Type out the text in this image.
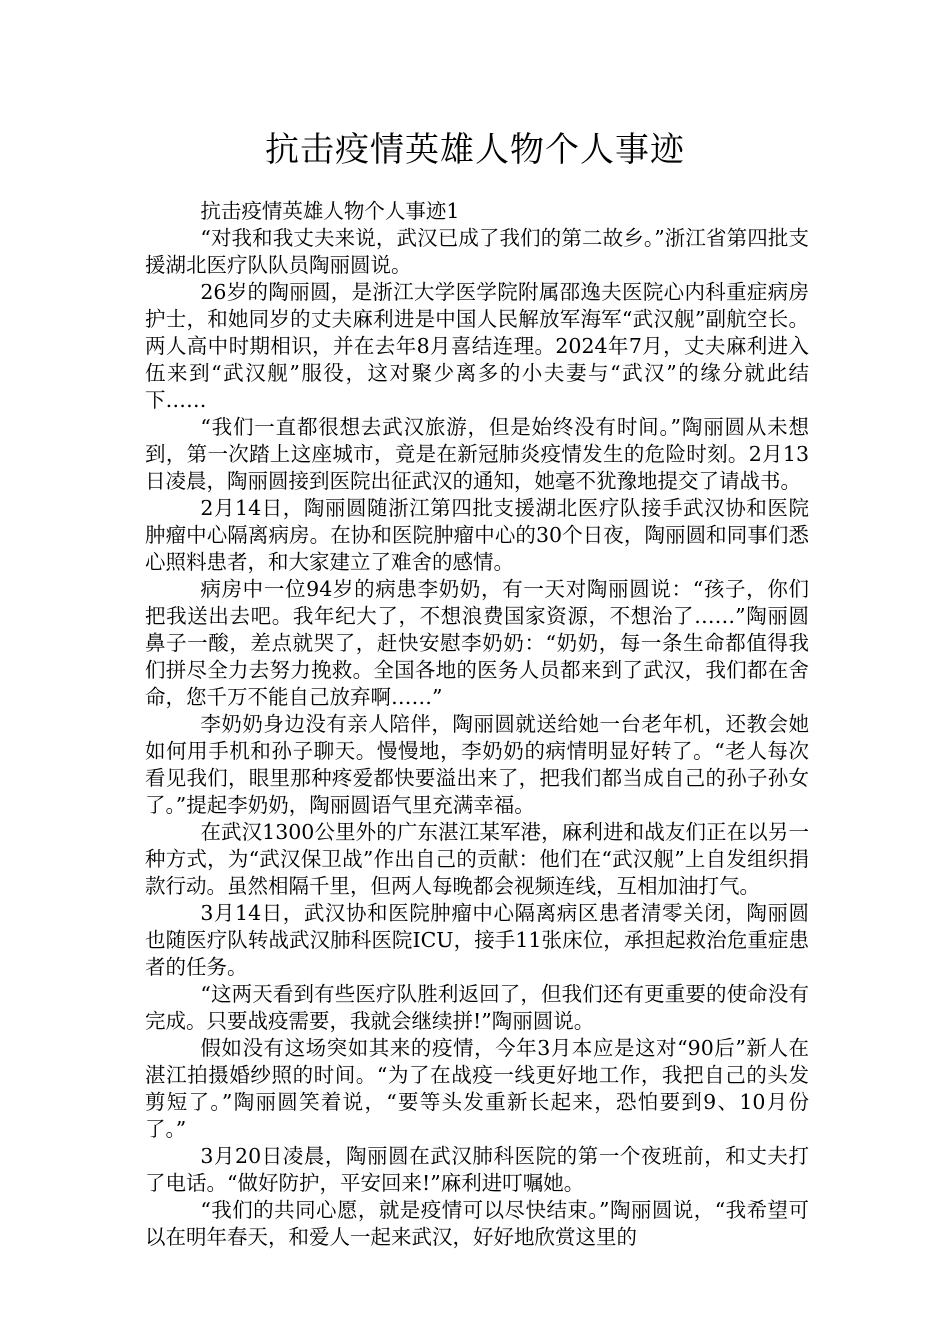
抗击疫情英雄人物个人事迹

抗击疫情英雄人物个人事迹1

“对我和我丈夫来说，武汉已成了我们的第二故乡。”浙江省第四批支援湖北医疗队队员陶丽圆说。

26岁的陶丽圆，是浙江大学医学院附属邵逸夫医院心内科重症病房护士，和她同岁的丈夫麻利进是中国人民解放军海军“武汉舰”副航空长。两人高中时期相识，并在去年8月喜结连理。2024年7月，丈夫麻利进入伍来到“武汉舰”服役，这对聚少离多的小夫妻与“武汉”的缘分就此结下……

“我们一直都很想去武汉旅游，但是始终没有时间。”陶丽圆从未想到，第一次踏上这座城市，竟是在新冠肺炎疫情发生的危险时刻。2月13日凌晨，陶丽圆接到医院出征武汉的通知，她毫不犹豫地提交了请战书。

2月14日，陶丽圆随浙江第四批支援湖北医疗队接手武汉协和医院肿瘤中心隔离病房。在协和医院肿瘤中心的30个日夜，陶丽圆和同事们悉心照料患者，和大家建立了难舍的感情。

病房中一位94岁的病患李奶奶，有一天对陶丽圆说：“孩子，你们把我送出去吧。我年纪大了，不想浪费国家资源，不想治了……”陶丽圆鼻子一酸，差点就哭了，赶快安慰李奶奶：“奶奶，每一条生命都值得我们拼尽全力去努力挽救。全国各地的医务人员都来到了武汉，我们都在舍命，您千万不能自己放弃啊……”

李奶奶身边没有亲人陪伴，陶丽圆就送给她一台老年机，还教会她如何用手机和孙子聊天。慢慢地，李奶奶的病情明显好转了。“老人每次看见我们，眼里那种疼爱都快要溢出来了，把我们都当成自己的孙子孙女了。”提起李奶奶，陶丽圆语气里充满幸福。

在武汉1300公里外的广东湛江某军港，麻利进和战友们正在以另一种方式，为“武汉保卫战”作出自己的贡献：他们在“武汉舰”上自发组织捐款行动。虽然相隔千里，但两人每晚都会视频连线，互相加油打气。

3月14日，武汉协和医院肿瘤中心隔离病区患者清零关闭，陶丽圆也随医疗队转战武汉肺科医院ICU，接手11张床位，承担起救治危重症患者的任务。

“这两天看到有些医疗队胜利返回了，但我们还有更重要的使命没有完成。只要战疫需要，我就会继续拼!”陶丽圆说。

假如没有这场突如其来的疫情，今年3月本应是这对“90后”新人在湛江拍摄婚纱照的时间。“为了在战疫一线更好地工作，我把自己的头发剪短了。”陶丽圆笑着说，“要等头发重新长起来，恐怕要到9、10月份了。”

3月20日凌晨，陶丽圆在武汉肺科医院的第一个夜班前，和丈夫打了电话。“做好防护，平安回来!”麻利进叮嘱她。

“我们的共同心愿，就是疫情可以尽快结束。”陶丽圆说，“我希望可以在明年春天，和爱人一起来武汉，好好地欣赏这里的
